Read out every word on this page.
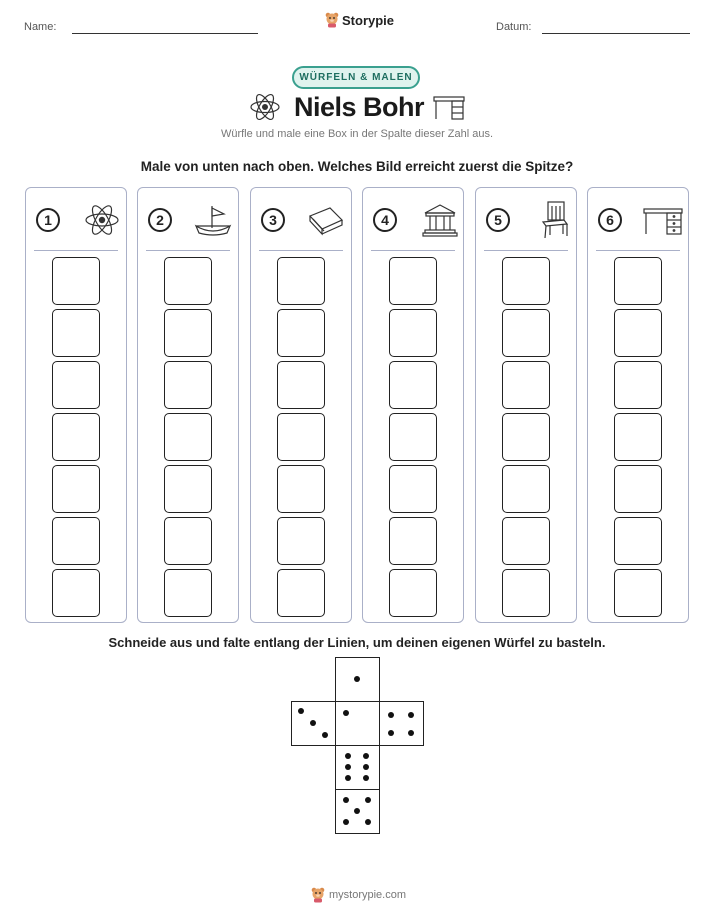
Name:	Storypie	Datum:
WÜRFELN & MALEN
Niels Bohr
Würfle und male eine Box in der Spalte dieser Zahl aus.
Male von unten nach oben. Welches Bild erreicht zuerst die Spitze?
1	2	3	4	5	6
Schneide aus und falte entlang der Linien, um deinen eigenen Würfel zu basteln.
mystorypie.com
